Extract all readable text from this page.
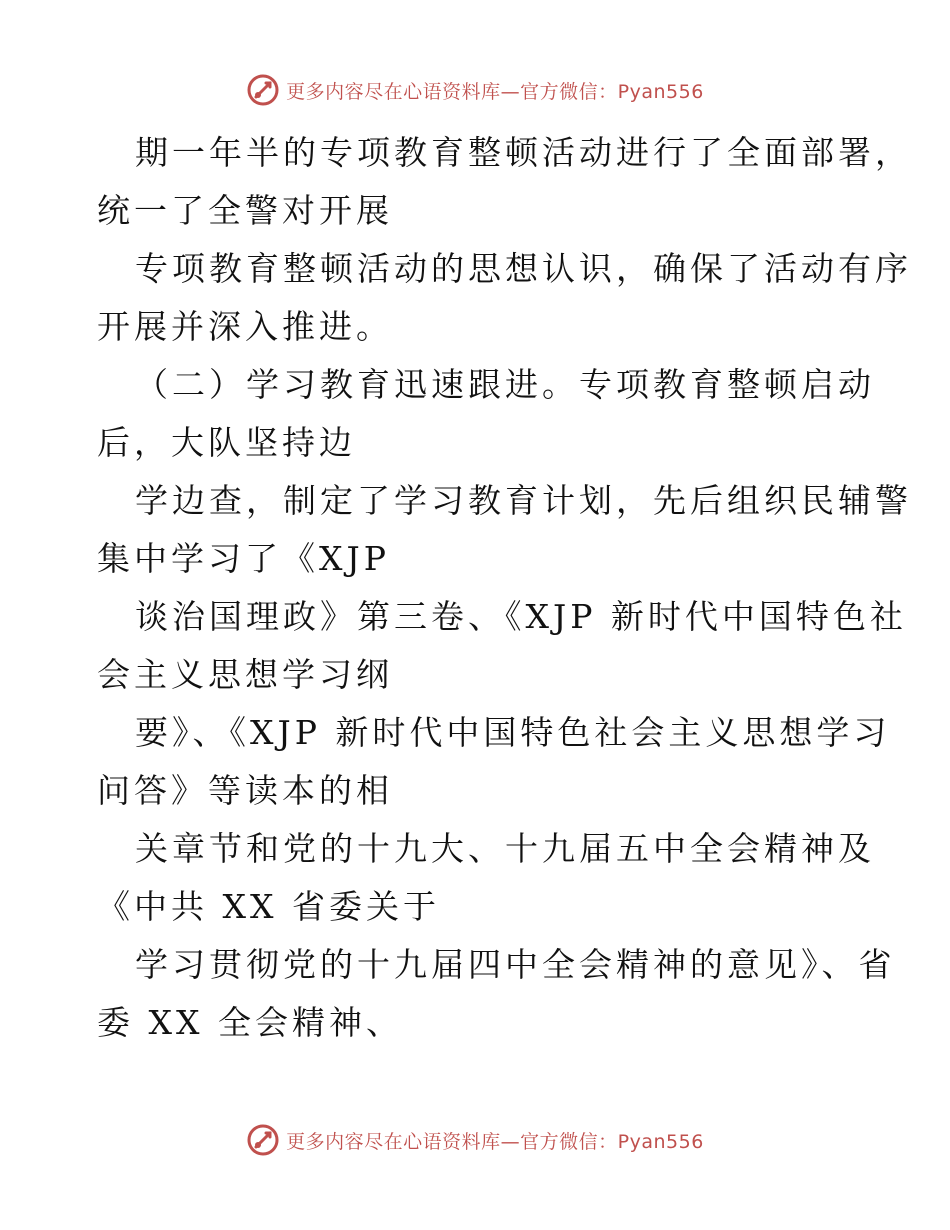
更多内容尽在心语资料库—官方微信：Pyan556
期一年半的专项教育整顿活动进行了全面部署，
统一了全警对开展
专项教育整顿活动的思想认识，确保了活动有序
开展并深入推进。
（二）学习教育迅速跟进。专项教育整顿启动
后，大队坚持边
学边查，制定了学习教育计划，先后组织民辅警
集中学习了《XJP
谈治国理政》第三卷、《XJP 新时代中国特色社
会主义思想学习纲
要》、《XJP 新时代中国特色社会主义思想学习
问答》等读本的相
关章节和党的十九大、十九届五中全会精神及
《中共 XX 省委关于
学习贯彻党的十九届四中全会精神的意见》、省
委 XX 全会精神、
更多内容尽在心语资料库—官方微信：Pyan556
